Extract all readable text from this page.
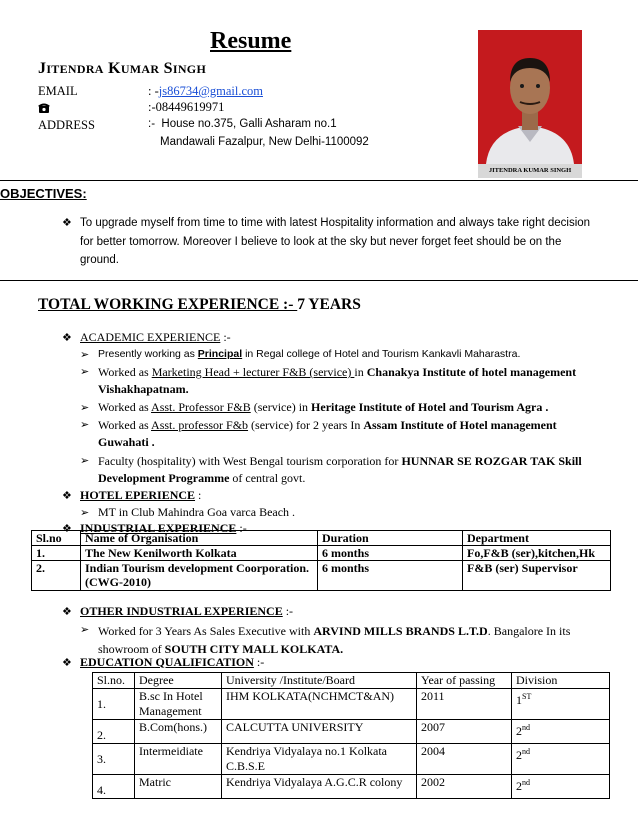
Resume
JITENDRA KUMAR SINGH
EMAIL	: -js86734@gmail.com
:-08449619971
ADDRESS	:- House no.375, Galli Asharam no.1
Mandawali Fazalpur, New Delhi-1100092
JITENDRA KUMAR SINGH
OBJECTIVES:
❖ To upgrade myself from time to time with latest Hospitality information and always take right decision for better tomorrow. Moreover I believe to look at the sky but never forget feet should be on the ground.
TOTAL WORKING EXPERIENCE :- 7 YEARS
❖ ACADEMIC EXPERIENCE :-
➢ Presently working as Principal in Regal college of Hotel and Tourism Kankavli Maharastra.
➢ Worked as Marketing Head + lecturer F&B (service) in Chanakya Institute of hotel management Vishakhapatnam.
➢ Worked as Asst. Professor F&B (service) in Heritage Institute of Hotel and Tourism Agra .
➢ Worked as Asst. professor F&b (service) for 2 years In Assam Institute of Hotel management Guwahati .
➢ Faculty (hospitality) with West Bengal tourism corporation for HUNNAR SE ROZGAR TAK Skill Development Programme of central govt.
❖ HOTEL EPERIENCE :
➢ MT in Club Mahindra Goa varca Beach .
❖ INDUSTRIAL EXPERIENCE :-
Sl.no	Name of Organisation	Duration	Department
1.	The New Kenilworth Kolkata	6 months	Fo,F&B (ser),kitchen,Hk
2.	Indian Tourism development Coorporation. (CWG-2010)	6 months	F&B (ser) Supervisor
❖ OTHER INDUSTRIAL EXPERIENCE :-
➢ Worked for 3 Years As Sales Executive with ARVIND MILLS BRANDS L.T.D. Bangalore In its showroom of SOUTH CITY MALL KOLKATA.
❖ EDUCATION QUALIFICATION :-
Sl.no.	Degree	University /Institute/Board	Year of passing	Division
1.	B.sc In Hotel Management	IHM KOLKATA(NCHMCT&AN)	2011	1ST
2.	B.Com(hons.)	CALCUTTA UNIVERSITY	2007	2nd
3.	Intermeidiate	Kendriya Vidyalaya no.1 Kolkata C.B.S.E	2004	2nd
4.	Matric	Kendriya Vidyalaya A.G.C.R colony	2002	2nd
